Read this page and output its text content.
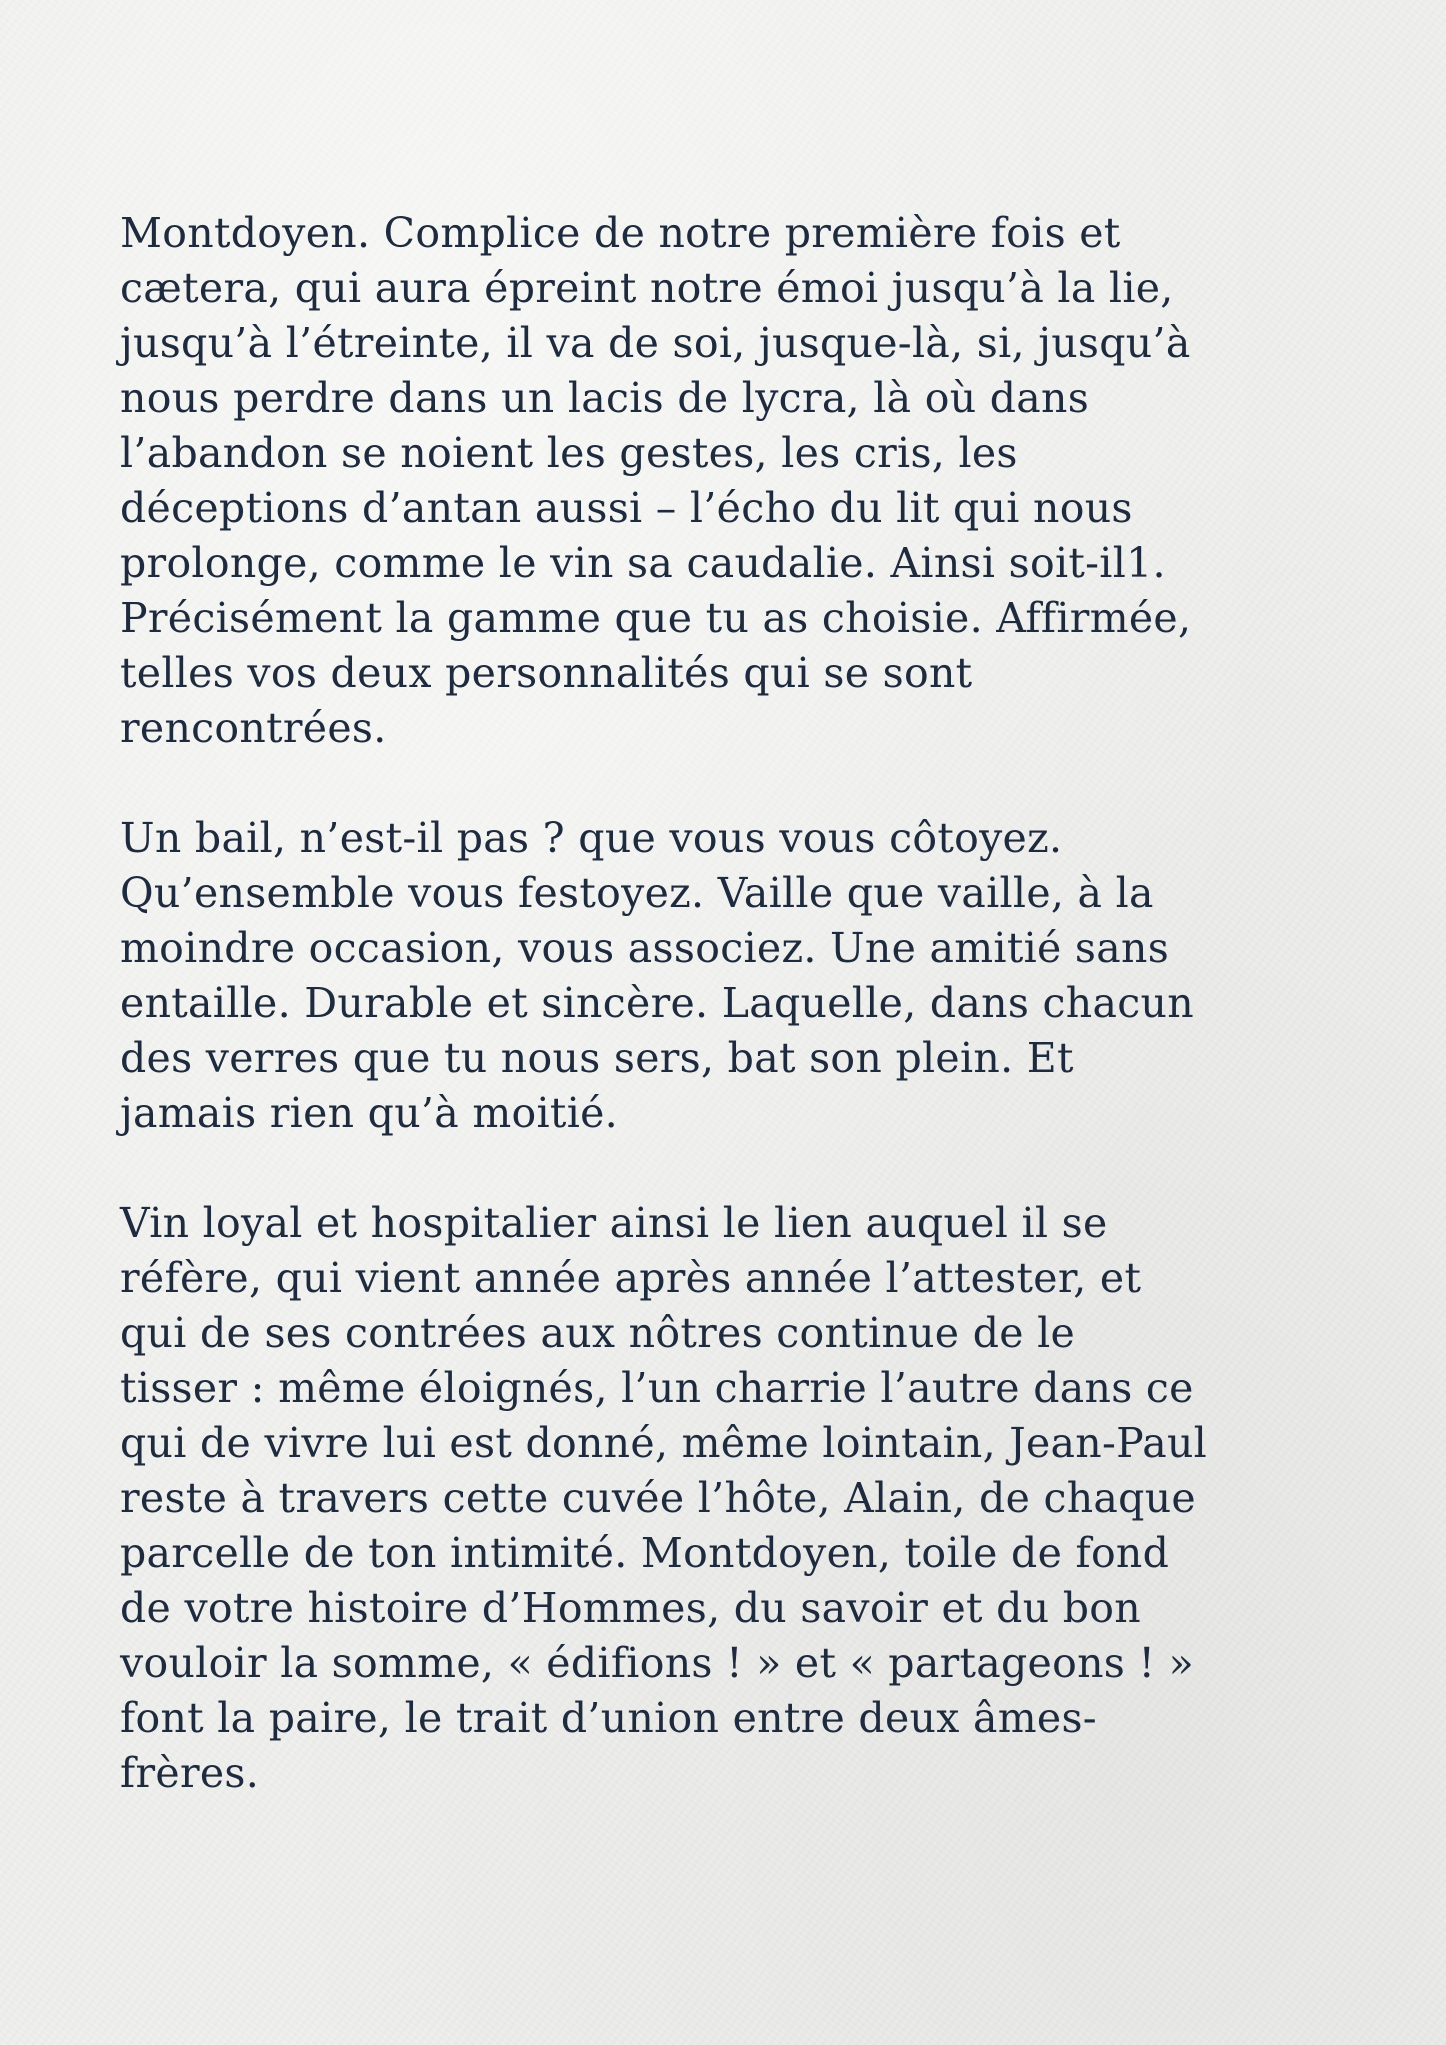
Montdoyen. Complice de notre première fois et
cætera, qui aura épreint notre émoi jusqu’à la lie,
jusqu’à l’étreinte, il va de soi, jusque-là, si, jusqu’à
nous perdre dans un lacis de lycra, là où dans
l’abandon se noient les gestes, les cris, les
déceptions d’antan aussi – l’écho du lit qui nous
prolonge, comme le vin sa caudalie. Ainsi soit-il1.
Précisément la gamme que tu as choisie. Affirmée,
telles vos deux personnalités qui se sont
rencontrées.

Un bail, n’est-il pas ? que vous vous côtoyez.
Qu’ensemble vous festoyez. Vaille que vaille, à la
moindre occasion, vous associez. Une amitié sans
entaille. Durable et sincère. Laquelle, dans chacun
des verres que tu nous sers, bat son plein. Et
jamais rien qu’à moitié.

Vin loyal et hospitalier ainsi le lien auquel il se
réfère, qui vient année après année l’attester, et
qui de ses contrées aux nôtres continue de le
tisser : même éloignés, l’un charrie l’autre dans ce
qui de vivre lui est donné, même lointain, Jean-Paul
reste à travers cette cuvée l’hôte, Alain, de chaque
parcelle de ton intimité. Montdoyen, toile de fond
de votre histoire d’Hommes, du savoir et du bon
vouloir la somme, « édifions ! » et « partageons ! »
font la paire, le trait d’union entre deux âmes-
frères.
